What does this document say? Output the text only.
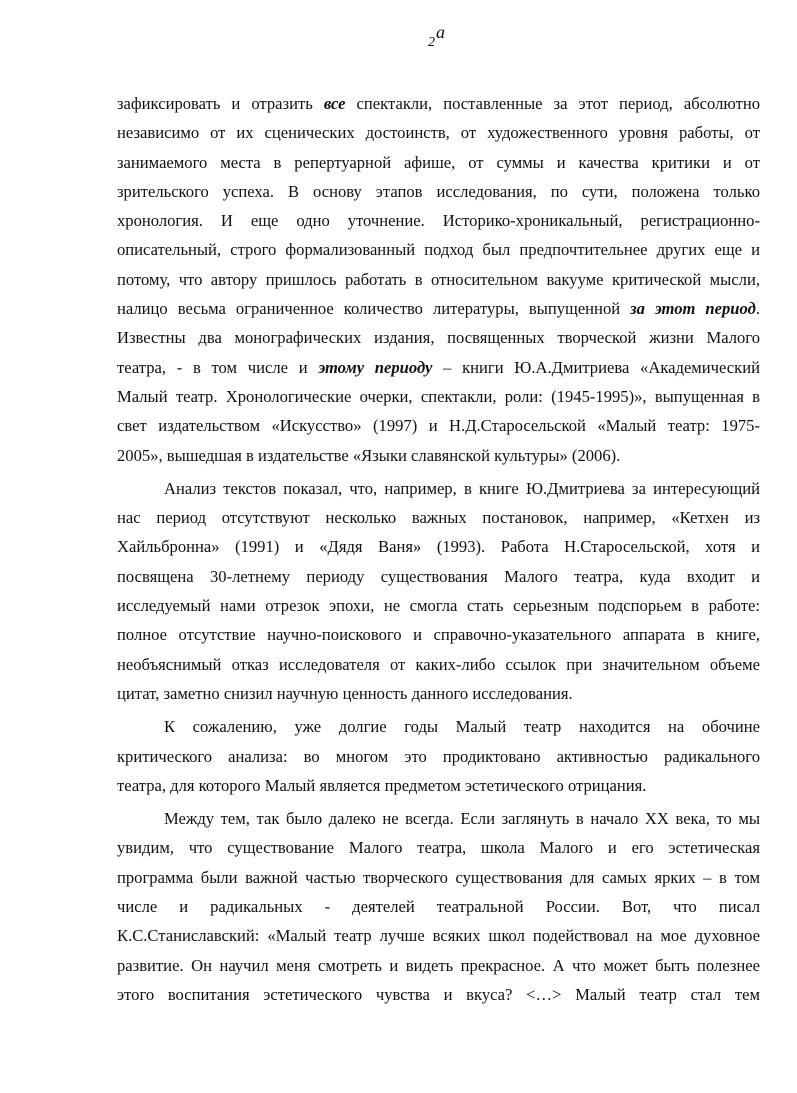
2а
зафиксировать и отразить все спектакли, поставленные за этот период, абсолютно
независимо от их сценических достоинств, от художественного уровня работы, от
занимаемого места в репертуарной афише, от суммы и качества критики и от
зрительского успеха. В основу этапов исследования, по сути, положена только
хронология. И еще одно уточнение. Историко-хроникальный, регистрационно-
описательный, строго формализованный подход был предпочтительнее других еще и
потому, что автору пришлось работать в относительном вакууме критической мысли,
налицо весьма ограниченное количество литературы, выпущенной за этот период.
Известны два монографических издания, посвященных творческой жизни Малого
театра, - в том числе и этому периоду – книги Ю.А.Дмитриева «Академический
Малый театр. Хронологические очерки, спектакли, роли: (1945-1995)», выпущенная в
свет издательством «Искусство» (1997) и Н.Д.Старосельской «Малый театр: 1975-
2005», вышедшая в издательстве «Языки славянской культуры» (2006).
Анализ текстов показал, что, например, в книге Ю.Дмитриева за интересующий
нас период отсутствуют несколько важных постановок, например, «Кетхен из
Хайльбронна» (1991) и «Дядя Ваня» (1993). Работа Н.Старосельской, хотя и
посвящена 30-летнему периоду существования Малого театра, куда входит и
исследуемый нами отрезок эпохи, не смогла стать серьезным подспорьем в работе:
полное отсутствие научно-поискового и справочно-указательного аппарата в книге,
необъяснимый отказ исследователя от каких-либо ссылок при значительном объеме
цитат, заметно снизил научную ценность данного исследования.
К сожалению, уже долгие годы Малый театр находится на обочине
критического анализа: во многом это продиктовано активностью радикального
театра, для которого Малый является предметом эстетического отрицания.
Между тем, так было далеко не всегда. Если заглянуть в начало XX века, то мы
увидим, что существование Малого театра, школа Малого и его эстетическая
программа были важной частью творческого существования для самых ярких – в том
числе и радикальных - деятелей театральной России. Вот, что писал
К.С.Станиславский: «Малый театр лучше всяких школ подействовал на мое духовное
развитие. Он научил меня смотреть и видеть прекрасное. А что может быть полезнее
этого воспитания эстетического чувства и вкуса? <…> Малый театр стал тем
